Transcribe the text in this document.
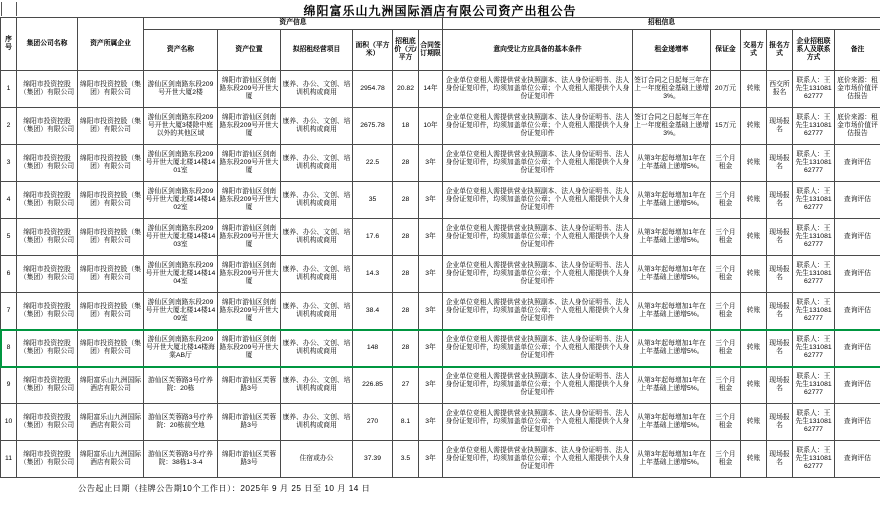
绵阳富乐山九洲国际酒店有限公司资产出租公告
序号	集团公司名称	资产所属企业	资产信息						招租信息						
			资产名称	资产位置	拟招租经营项目	面积（平方米）	招租底价（元/平方	合同签订期限	意向受让方应具备的基本条件	租金递增率	保证金	交易方式	报名方式	企业招租联系人及联系方式	备注
1	绵阳市投资控股（集团）有限公司	绵阳市投资控股（集团）有限公司	游仙区剑南路东段209号开世大厦2楼	绵阳市游仙区剑南路东段209号开世大厦	康养、办公、文创、培训机构或商用	2954.78	20.82	14年	企业单位竞租人需提供营业执照副本、法人身份证明书、法人身份证复印件，均须加盖单位公章；个人竞租人需提供个人身份证复印件	签订合同之日起每三年在上一年度租金基础上递增3%。	20万元	转账	西交所报名	联系人：王先生13108162777	底价来源：租金市场价值评估报告
2	绵阳市投资控股（集团）有限公司	绵阳市投资控股（集团）有限公司	游仙区剑南路东段209号开世大厦3楼除中庭以外的其他区域	绵阳市游仙区剑南路东段209号开世大厦	康养、办公、文创、培训机构或商用	2675.78	18	10年	企业单位竞租人需提供营业执照副本、法人身份证明书、法人身份证复印件，均须加盖单位公章；个人竞租人需提供个人身份证复印件	签订合同之日起每三年在上一年度租金基础上递增3%。	15万元	转账	现场报名	联系人：王先生13108162777	底价来源：租金市场价值评估报告
3	绵阳市投资控股（集团）有限公司	绵阳市投资控股（集团）有限公司	游仙区剑南路东段209号开世大厦北楼14楼1401室	绵阳市游仙区剑南路东段209号开世大厦	康养、办公、文创、培训机构或商用	22.5	28	3年	企业单位竞租人需提供营业执照副本、法人身份证明书、法人身份证复印件，均须加盖单位公章；个人竞租人需提供个人身份证复印件	从第3年起每增加1年在上年基础上递增5%。	三个月租金	转账	现场报名	联系人：王先生13108162777	查询评估
4	绵阳市投资控股（集团）有限公司	绵阳市投资控股（集团）有限公司	游仙区剑南路东段209号开世大厦北楼14楼1402室	绵阳市游仙区剑南路东段209号开世大厦	康养、办公、文创、培训机构或商用	35	28	3年	企业单位竞租人需提供营业执照副本、法人身份证明书、法人身份证复印件，均须加盖单位公章；个人竞租人需提供个人身份证复印件	从第3年起每增加1年在上年基础上递增5%。	三个月租金	转账	现场报名	联系人：王先生13108162777	查询评估
5	绵阳市投资控股（集团）有限公司	绵阳市投资控股（集团）有限公司	游仙区剑南路东段209号开世大厦北楼14楼1403室	绵阳市游仙区剑南路东段209号开世大厦	康养、办公、文创、培训机构或商用	17.6	28	3年	企业单位竞租人需提供营业执照副本、法人身份证明书、法人身份证复印件，均须加盖单位公章；个人竞租人需提供个人身份证复印件	从第3年起每增加1年在上年基础上递增5%。	三个月租金	转账	现场报名	联系人：王先生13108162777	查询评估
6	绵阳市投资控股（集团）有限公司	绵阳市投资控股（集团）有限公司	游仙区剑南路东段209号开世大厦北楼14楼1404室	绵阳市游仙区剑南路东段209号开世大厦	康养、办公、文创、培训机构或商用	14.3	28	3年	企业单位竞租人需提供营业执照副本、法人身份证明书、法人身份证复印件，均须加盖单位公章；个人竞租人需提供个人身份证复印件	从第3年起每增加1年在上年基础上递增5%。	三个月租金	转账	现场报名	联系人：王先生13108162777	查询评估
7	绵阳市投资控股（集团）有限公司	绵阳市投资控股（集团）有限公司	游仙区剑南路东段209号开世大厦北楼14楼1409室	绵阳市游仙区剑南路东段209号开世大厦	康养、办公、文创、培训机构或商用	38.4	28	3年	企业单位竞租人需提供营业执照副本、法人身份证明书、法人身份证复印件，均须加盖单位公章；个人竞租人需提供个人身份证复印件	从第3年起每增加1年在上年基础上递增5%。	三个月租金	转账	现场报名	联系人：王先生13108162777	查询评估
8	绵阳市投资控股（集团）有限公司	绵阳市投资控股（集团）有限公司	游仙区剑南路东段209号开世大厦北楼14楼海棠AB厅	绵阳市游仙区剑南路东段209号开世大厦	康养、办公、文创、培训机构或商用	148	28	3年	企业单位竞租人需提供营业执照副本、法人身份证明书、法人身份证复印件，均须加盖单位公章；个人竞租人需提供个人身份证复印件	从第3年起每增加1年在上年基础上递增5%。	三个月租金	转账	现场报名	联系人：王先生13108162777	查询评估
9	绵阳市投资控股（集团）有限公司	绵阳富乐山九洲国际酒店有限公司	游仙区芙蓉路3号疗养院：20栋	绵阳市游仙区芙蓉路3号	康养、办公、文创、培训机构或商用	226.85	27	3年	企业单位竞租人需提供营业执照副本、法人身份证明书、法人身份证复印件，均须加盖单位公章；个人竞租人需提供个人身份证复印件	从第3年起每增加1年在上年基础上递增5%。	三个月租金	转账	现场报名	联系人：王先生13108162777	查询评估
10	绵阳市投资控股（集团）有限公司	绵阳富乐山九洲国际酒店有限公司	游仙区芙蓉路3号疗养院：20栋前空地	绵阳市游仙区芙蓉路3号	康养、办公、文创、培训机构或商用	270	8.1	3年	企业单位竞租人需提供营业执照副本、法人身份证明书、法人身份证复印件，均须加盖单位公章；个人竞租人需提供个人身份证复印件	从第3年起每增加1年在上年基础上递增5%。	三个月租金	转账	现场报名	联系人：王先生13108162777	查询评估
11	绵阳市投资控股（集团）有限公司	绵阳富乐山九洲国际酒店有限公司	游仙区芙蓉路3号疗养院：38栋1-3-4	绵阳市游仙区芙蓉路3号	住宿或办公	37.39	3.5	3年	企业单位竞租人需提供营业执照副本、法人身份证明书、法人身份证复印件，均须加盖单位公章；个人竞租人需提供个人身份证复印件	从第3年起每增加1年在上年基础上递增5%。	三个月租金	转账	现场报名	联系人：王先生13108162777	查询评估
公告起止日期（挂牌公告期10个工作日）：2025年 9 月 25 日至 10 月 14 日
